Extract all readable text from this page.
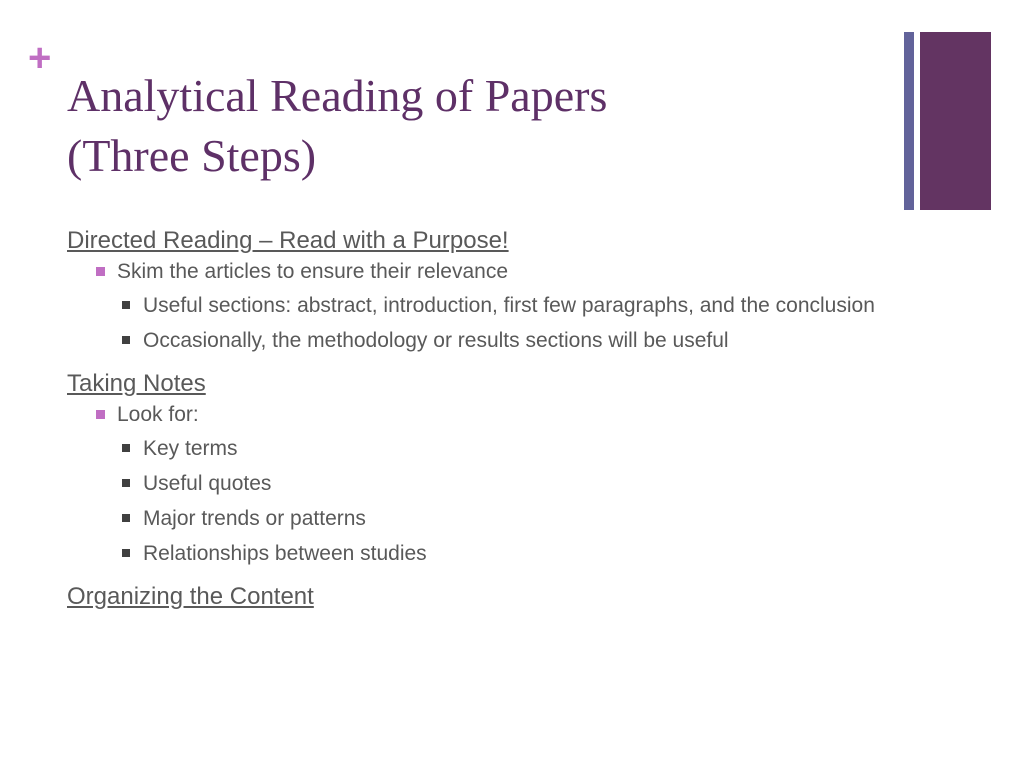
+
Analytical Reading of Papers
(Three Steps)
Directed Reading – Read with a Purpose!
Skim the articles to ensure their relevance
Useful sections: abstract, introduction, first few paragraphs, and the conclusion
Occasionally, the methodology or results sections will be useful
Taking Notes
Look for:
Key terms
Useful quotes
Major trends or patterns
Relationships between studies
Organizing the Content
